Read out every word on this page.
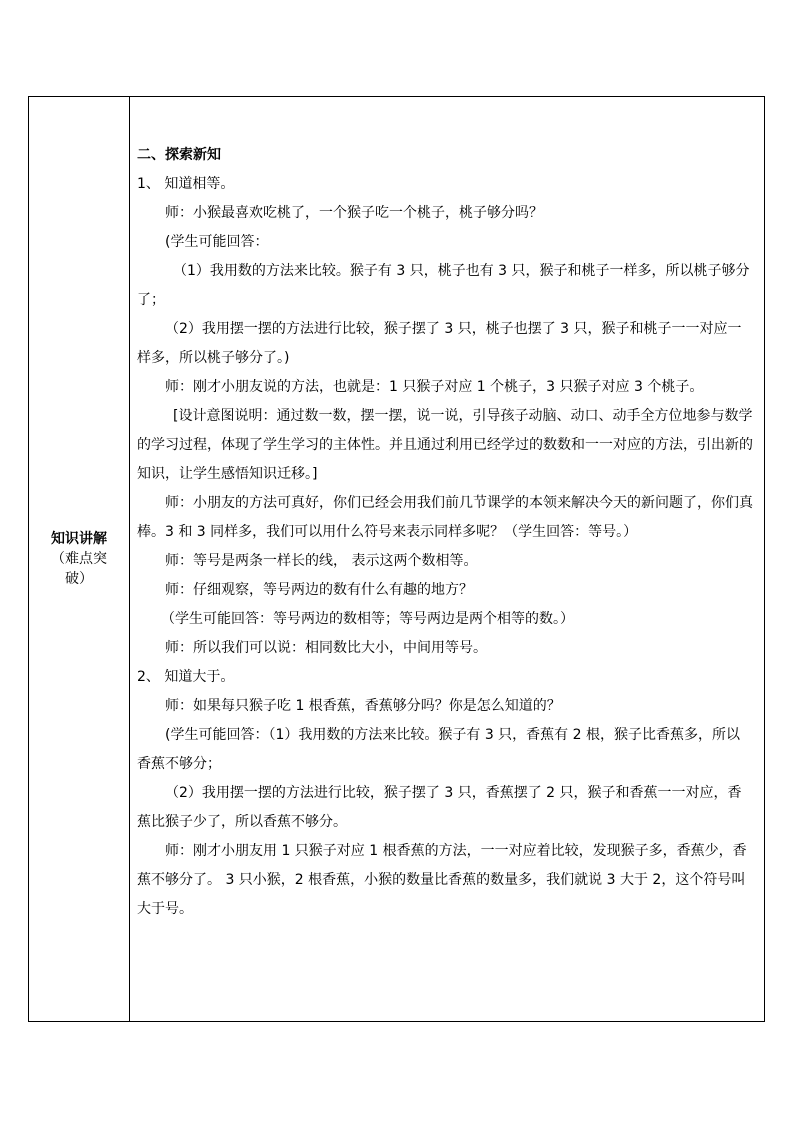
知识讲解
（难点突
破）

二、探索新知

1、 知道相等。

师：小猴最喜欢吃桃了，一个猴子吃一个桃子，桃子够分吗？

(学生可能回答：

（1）我用数的方法来比较。猴子有 3 只，桃子也有 3 只，猴子和桃子一样多，所以桃子够分了；

（2）我用摆一摆的方法进行比较，猴子摆了 3 只，桃子也摆了 3 只，猴子和桃子一一对应一样多，所以桃子够分了。)

师：刚才小朋友说的方法，也就是：1 只猴子对应 1 个桃子，3 只猴子对应 3 个桃子。

[设计意图说明：通过数一数，摆一摆，说一说，引导孩子动脑、动口、动手全方位地参与数学的学习过程，体现了学生学习的主体性。并且通过利用已经学过的数数和一一对应的方法，引出新的知识，让学生感悟知识迁移。]

师：小朋友的方法可真好，你们已经会用我们前几节课学的本领来解决今天的新问题了，你们真棒。3 和 3 同样多，我们可以用什么符号来表示同样多呢？（学生回答：等号。）

师：等号是两条一样长的线， 表示这两个数相等。

师：仔细观察，等号两边的数有什么有趣的地方？

（学生可能回答：等号两边的数相等；等号两边是两个相等的数。）

师：所以我们可以说：相同数比大小，中间用等号。

2、 知道大于。

师：如果每只猴子吃 1 根香蕉，香蕉够分吗？你是怎么知道的？

(学生可能回答：（1）我用数的方法来比较。猴子有 3 只，香蕉有 2 根，猴子比香蕉多，所以香蕉不够分；

（2）我用摆一摆的方法进行比较，猴子摆了 3 只，香蕉摆了 2 只，猴子和香蕉一一对应，香蕉比猴子少了，所以香蕉不够分。

师：刚才小朋友用 1 只猴子对应 1 根香蕉的方法，一一对应着比较，发现猴子多，香蕉少，香蕉不够分了。 3 只小猴，2 根香蕉，小猴的数量比香蕉的数量多，我们就说 3 大于 2，这个符号叫大于号。
